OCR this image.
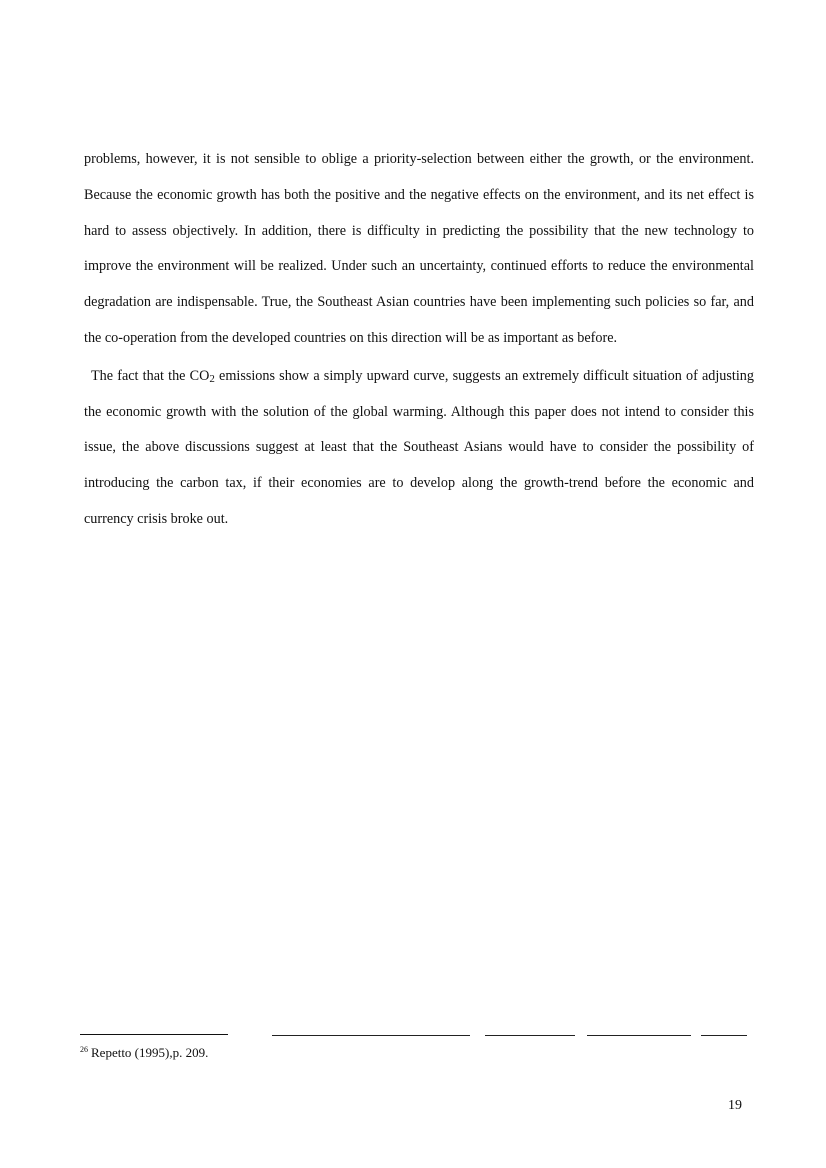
problems, however, it is not sensible to oblige a priority-selection between either the growth, or the environment. Because the economic growth has both the positive and the negative effects on the environment, and its net effect is hard to assess objectively. In addition, there is difficulty in predicting the possibility that the new technology to improve the environment will be realized. Under such an uncertainty, continued efforts to reduce the environmental degradation are indispensable. True, the Southeast Asian countries have been implementing such policies so far, and the co-operation from the developed countries on this direction will be as important as before.

The fact that the $CO_2$ emissions show a simply upward curve, suggests an extremely difficult situation of adjusting the economic growth with the solution of the global warming. Although this paper does not intend to consider this issue, the above discussions suggest at least that the Southeast Asians would have to consider the possibility of introducing the carbon tax, if their economies are to develop along the growth-trend before the economic and currency crisis broke out.

$^{26}$ Repetto (1995),p. 209.
19
